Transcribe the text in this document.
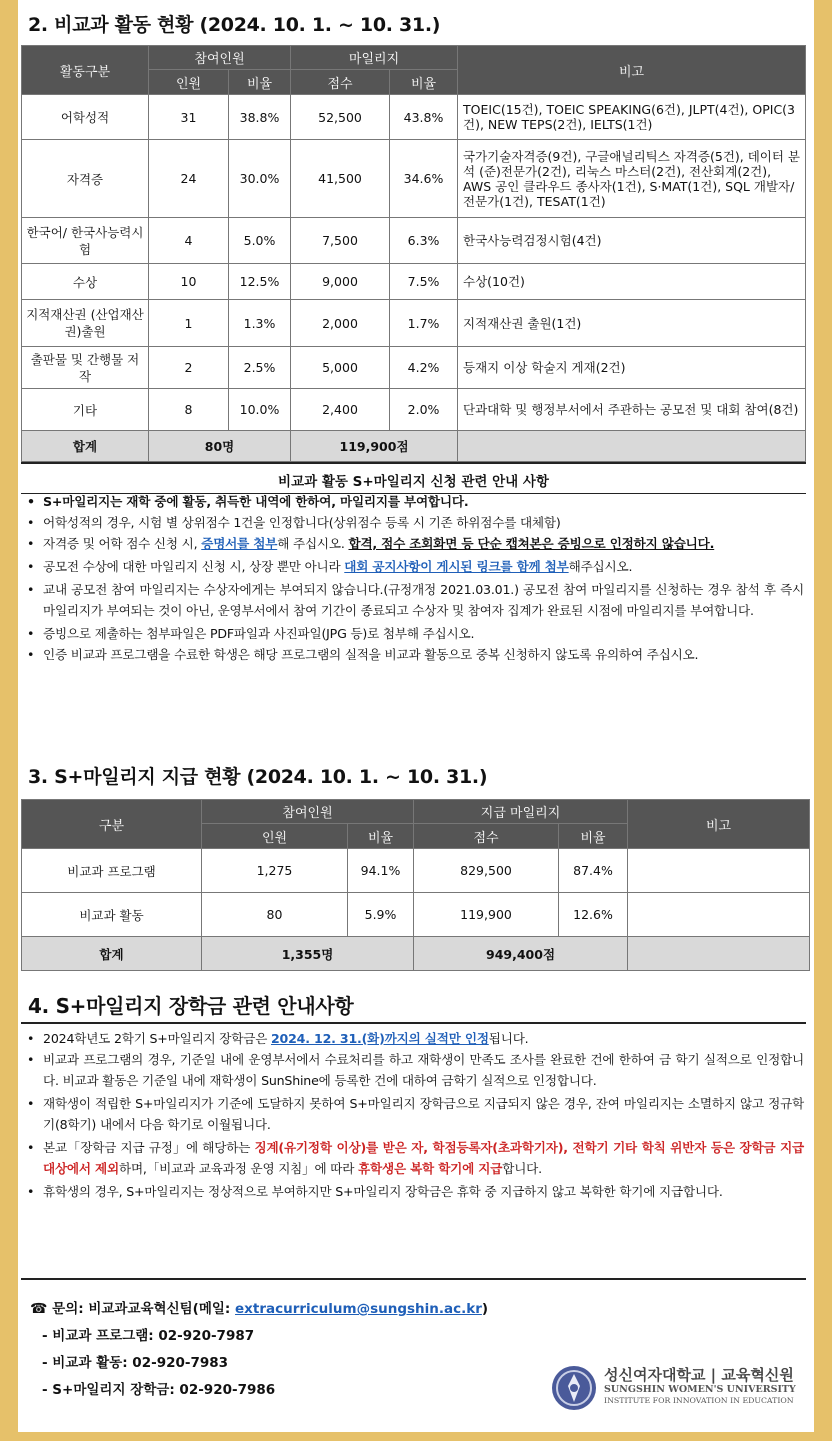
2. 비교과 활동 현황 (2024. 10. 1. ~ 10. 31.)
활동구분	참여인원		마일리지		비고
	인원	비율	점수	비율	
어학성적	31	38.8%	52,500	43.8%	TOEIC(15건), TOEIC SPEAKING(6건), JLPT(4건), OPIC(3건), NEW TEPS(2건), IELTS(1건)
자격증	24	30.0%	41,500	34.6%	국가기술자격증(9건), 구글애널리틱스 자격증(5건), 데이터 분석 (준)전문가(2건), 리눅스 마스터(2건), 전산회계(2건), AWS 공인 클라우드 종사자(1건), S·MAT(1건), SQL 개발자/전문가(1건), TESAT(1건)
한국어/ 한국사능력시험	4	5.0%	7,500	6.3%	한국사능력검정시험(4건)
수상	10	12.5%	9,000	7.5%	수상(10건)
지적재산권 (산업재산권)출원	1	1.3%	2,000	1.7%	지적재산권 출원(1건)
출판물 및 간행물 저작	2	2.5%	5,000	4.2%	등재지 이상 학술지 게재(2건)
기타	8	10.0%	2,400	2.0%	단과대학 및 행정부서에서 주관하는 공모전 및 대회 참여(8건)
합계	80명		119,900점		
비교과 활동 S+마일리지 신청 관련 안내 사항
• S+마일리지는 재학 중에 활동, 취득한 내역에 한하여, 마일리지를 부여합니다.
• 어학성적의 경우, 시험 별 상위점수 1건을 인정합니다(상위점수 등록 시 기존 하위점수를 대체함)
• 자격증 및 어학 점수 신청 시, 증명서를 첨부해 주십시오. 합격, 점수 조회화면 등 단순 캡쳐본은 증빙으로 인정하지 않습니다.
• 공모전 수상에 대한 마일리지 신청 시, 상장 뿐만 아니라 대회 공지사항이 게시된 링크를 함께 첨부해주십시오.
• 교내 공모전 참여 마일리지는 수상자에게는 부여되지 않습니다.(규정개정 2021.03.01.) 공모전 참여 마일리지를 신청하는 경우 참석 후 즉시 마일리지가 부여되는 것이 아닌, 운영부서에서 참여 기간이 종료되고 수상자 및 참여자 집계가 완료된 시점에 마일리지를 부여합니다.
• 증빙으로 제출하는 첨부파일은 PDF파일과 사진파일(JPG 등)로 첨부해 주십시오.
• 인증 비교과 프로그램을 수료한 학생은 해당 프로그램의 실적을 비교과 활동으로 중복 신청하지 않도록 유의하여 주십시오.
3. S+마일리지 지급 현황 (2024. 10. 1. ~ 10. 31.)
구분	참여인원		지급 마일리지		비고
	인원	비율	점수	비율	
비교과 프로그램	1,275	94.1%	829,500	87.4%	
비교과 활동	80	5.9%	119,900	12.6%	
합계	1,355명		949,400점		
4. S+마일리지 장학금 관련 안내사항
• 2024학년도 2학기 S+마일리지 장학금은 2024. 12. 31.(화)까지의 실적만 인정됩니다.
• 비교과 프로그램의 경우, 기준일 내에 운영부서에서 수료처리를 하고 재학생이 만족도 조사를 완료한 건에 한하여 금 학기 실적으로 인정합니다. 비교과 활동은 기준일 내에 재학생이 SunShine에 등록한 건에 대하여 금학기 실적으로 인정합니다.
• 재학생이 적립한 S+마일리지가 기준에 도달하지 못하여 S+마일리지 장학금으로 지급되지 않은 경우, 잔여 마일리지는 소멸하지 않고 정규학기(8학기) 내에서 다음 학기로 이월됩니다.
• 본교「장학금 지급 규정」에 해당하는 징계(유기정학 이상)를 받은 자, 학점등록자(초과학기자), 전학기 기타 학칙 위반자 등은 장학금 지급 대상에서 제외하며,「비교과 교육과정 운영 지침」에 따라 휴학생은 복학 학기에 지급합니다.
• 휴학생의 경우, S+마일리지는 정상적으로 부여하지만 S+마일리지 장학금은 휴학 중 지급하지 않고 복학한 학기에 지급합니다.
☎ 문의: 비교과교육혁신팀(메일: extracurriculum@sungshin.ac.kr)
- 비교과 프로그램: 02-920-7987
- 비교과 활동: 02-920-7983
- S+마일리지 장학금: 02-920-7986
성신여자대학교 | 교육혁신원
SUNGSHIN WOMEN'S UNIVERSITY
INSTITUTE FOR INNOVATION IN EDUCATION
